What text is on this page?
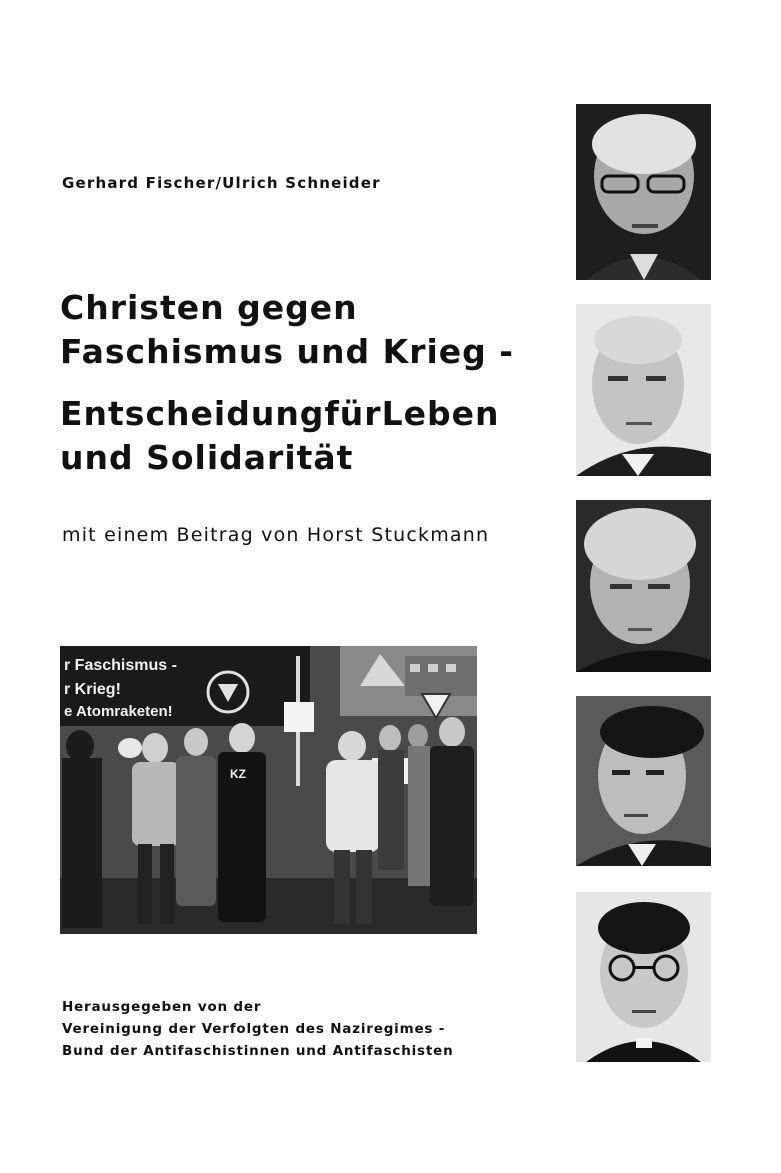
Gerhard Fischer/Ulrich Schneider
Christen gegen
Faschismus und Krieg -
Entscheidung für Leben
und Solidarität
mit einem Beitrag von Horst Stuckmann
r Faschismus -
r Krieg!
e Atomraketen!
KZ
Herausgegeben von der
Vereinigung der Verfolgten des Naziregimes -
Bund der Antifaschistinnen und Antifaschisten
